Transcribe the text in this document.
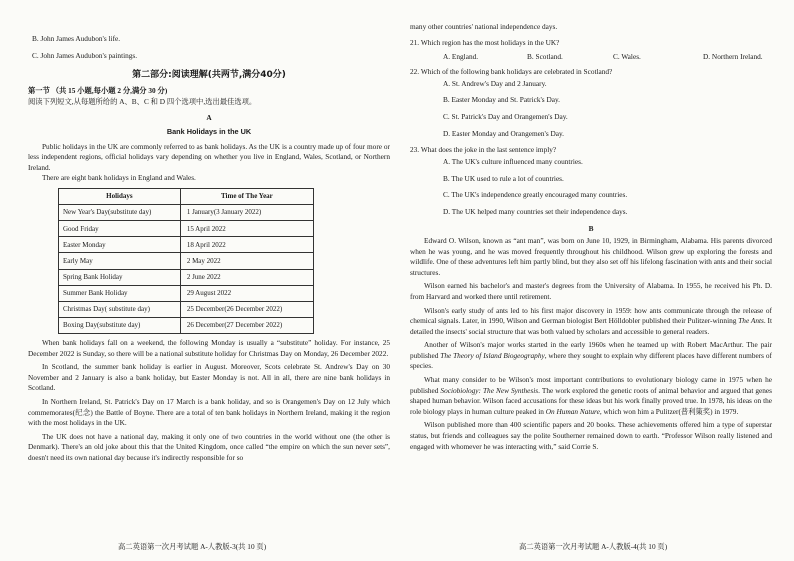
B. John James Audubon's life.

C. John James Audubon's paintings.

第二部分:阅读理解(共两节,满分40分)

第一节 （共 15 小题,每小题 2 分,满分 30 分)

阅读下列短文,从每题所给的 A、B、C 和 D 四个选项中,选出最佳选项。

A

Bank Holidays in the UK

Public holidays in the UK are commonly referred to as bank holidays. As the UK is a country made up of four more or less independent regions, official holidays vary depending on whether you live in England, Wales, Scotland, or Northern Ireland.

There are eight bank holidays in England and Wales.

Holidays	Time of The Year
New Year's Day(substitute day)	1 January(3 January 2022)
Good Friday	15 April 2022
Easter Monday	18 April 2022
Early May	2 May 2022
Spring Bank Holiday	2 June 2022
Summer Bank Holiday	29 August 2022
Christmas Day( substitute day)	25 December(26 December 2022)
Boxing Day(substitute day)	26 December(27 December 2022)

When bank holidays fall on a weekend, the following Monday is usually a “substitute” holiday. For instance, 25 December 2022 is Sunday, so there will be a national substitute holiday for Christmas Day on Monday, 26 December 2022.

In Scotland, the summer bank holiday is earlier in August. Moreover, Scots celebrate St. Andrew's Day on 30 November and 2 January is also a bank holiday, but Easter Monday is not. All in all, there are nine bank holidays in Scotland.

In Northern Ireland, St. Patrick's Day on 17 March is a bank holiday, and so is Orangemen's Day on 12 July which commemorates(纪念) the Battle of Boyne. There are a total of ten bank holidays in Northern Ireland, making it the region with the most holidays in the UK.

The UK does not have a national day, making it only one of two countries in the world without one (the other is Denmark). There's an old joke about this that the United Kingdom, once called “the empire on which the sun never sets”, doesn't need its own national day because it's indirectly responsible for so

many other countries' national independence days.

21. Which region has the most holidays in the UK?

A. England.	B. Scotland.	C. Wales.	D. Northern Ireland.

22. Which of the following bank holidays are celebrated in Scotland?

A. St. Andrew's Day and 2 January.

B. Easter Monday and St. Patrick's Day.

C. St. Patrick's Day and Orangemen's Day.

D. Easter Monday and Orangemen's Day.

23. What does the joke in the last sentence imply?

A. The UK's culture influenced many countries.

B. The UK used to rule a lot of countries.

C. The UK's independence greatly encouraged many countries.

D. The UK helped many countries set their independence days.

B

Edward O. Wilson, known as “ant man”, was born on June 10, 1929, in Birmingham, Alabama. His parents divorced when he was young, and he was moved frequently throughout his childhood. Wilson grew up exploring the forests and wildlife. One of these adventures left him partly blind, but they also set off his lifelong fascination with ants and their social structures.

Wilson earned his bachelor's and master's degrees from the University of Alabama. In 1955, he received his Ph. D. from Harvard and worked there until retirement.

Wilson's early study of ants led to his first major discovery in 1959: how ants communicate through the release of chemical signals. Later, in 1990, Wilson and German biologist Bert Hölldobler published their Pulitzer-winning The Ants. It detailed the insects' social structure that was both valued by scholars and accessible to general readers.

Another of Wilson's major works started in the early 1960s when he teamed up with Robert MacArthur. The pair published The Theory of Island Biogeography, where they sought to explain why different places have different numbers of species.

What many consider to be Wilson's most important contributions to evolutionary biology came in 1975 when he published Sociobiology: The New Synthesis. The work explored the genetic roots of animal behavior and argued that genes shaped human behavior. Wilson faced accusations for these ideas but his work finally proved true. In 1978, his ideas on the role biology plays in human culture peaked in On Human Nature, which won him a Pulitzer(普利策奖) in 1979.

Wilson published more than 400 scientific papers and 20 books. These achievements offered him a type of superstar status, but friends and colleagues say the polite Southerner remained down to earth. “Professor Wilson really listened and engaged with whomever he was interacting with,” said Corrie S.

高二英语第一次月考试题 A-人教版-3(共 10 页)	高二英语第一次月考试题 A-人教版-4(共 10 页)
